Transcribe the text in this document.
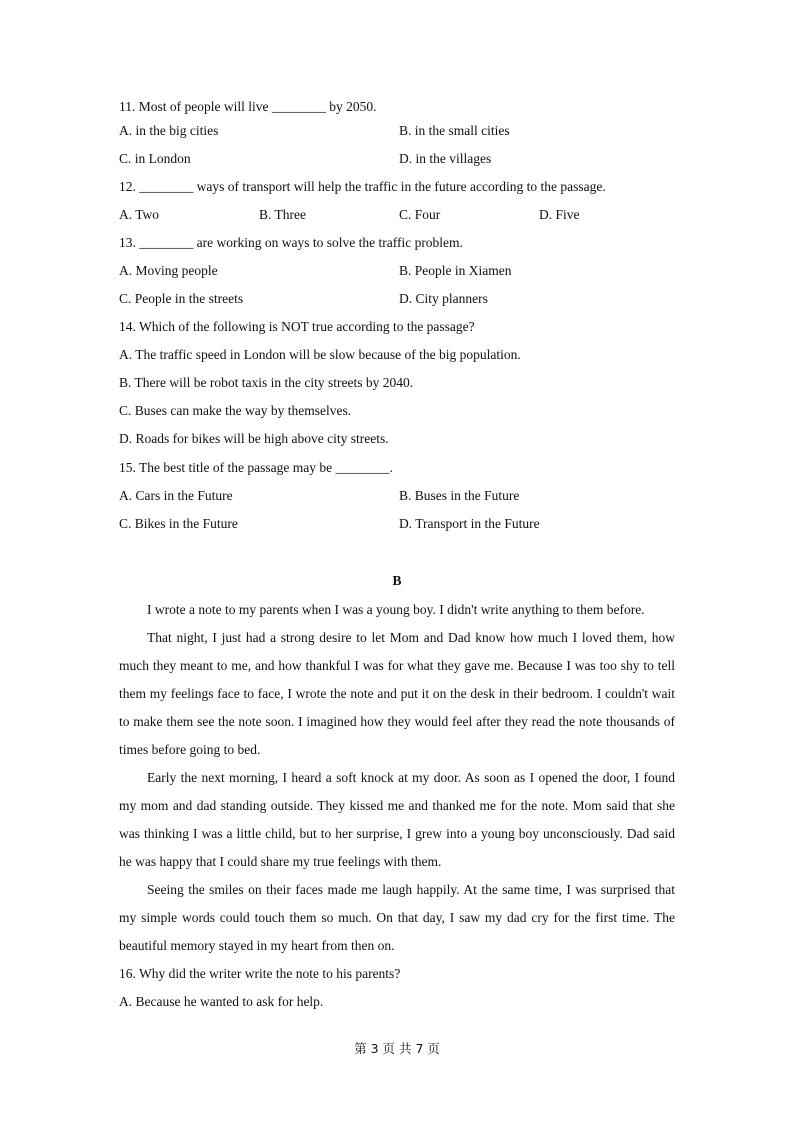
11. Most of people will live ________ by 2050.
A. in the big cities	B. in the small cities
C. in London	D. in the villages
12. ________ ways of transport will help the traffic in the future according to the passage.
A. Two	B. Three	C. Four	D. Five
13. ________ are working on ways to solve the traffic problem.
A. Moving people	B. People in Xiamen
C. People in the streets	D. City planners
14. Which of the following is NOT true according to the passage?
A. The traffic speed in London will be slow because of the big population.
B. There will be robot taxis in the city streets by 2040.
C. Buses can make the way by themselves.
D. Roads for bikes will be high above city streets.
15. The best title of the passage may be ________.
A. Cars in the Future	B. Buses in the Future
C. Bikes in the Future	D. Transport in the Future
B
I wrote a note to my parents when I was a young boy. I didn't write anything to them before.
That night, I just had a strong desire to let Mom and Dad know how much I loved them, how much they meant to me, and how thankful I was for what they gave me. Because I was too shy to tell them my feelings face to face, I wrote the note and put it on the desk in their bedroom. I couldn't wait to make them see the note soon. I imagined how they would feel after they read the note thousands of times before going to bed.
Early the next morning, I heard a soft knock at my door. As soon as I opened the door, I found my mom and dad standing outside. They kissed me and thanked me for the note. Mom said that she was thinking I was a little child, but to her surprise, I grew into a young boy unconsciously. Dad said he was happy that I could share my true feelings with them.
Seeing the smiles on their faces made me laugh happily. At the same time, I was surprised that my simple words could touch them so much. On that day, I saw my dad cry for the first time. The beautiful memory stayed in my heart from then on.
16. Why did the writer write the note to his parents?
A. Because he wanted to ask for help.
第 3 页 共 7 页
